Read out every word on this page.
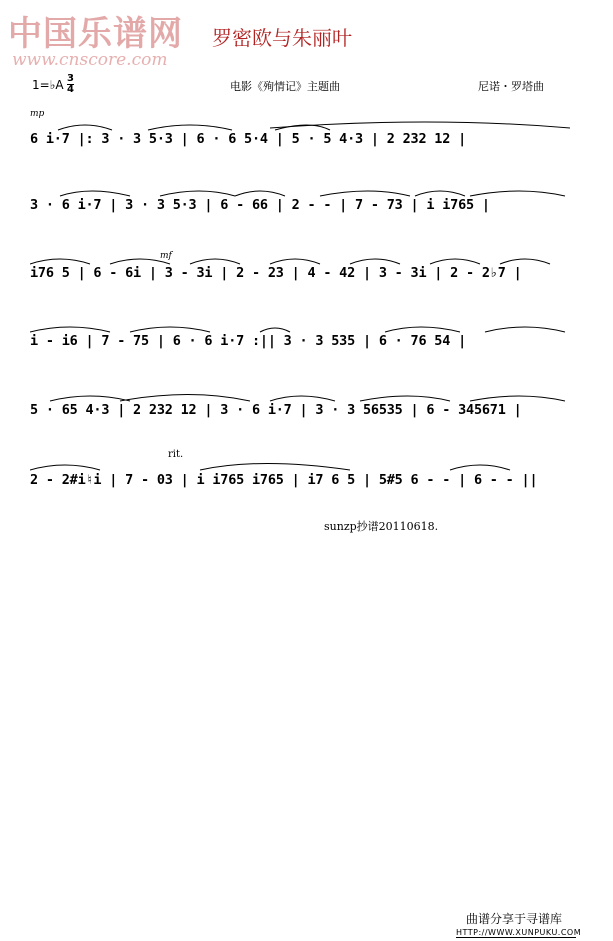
中国乐谱网
www.cnscore.com
罗密欧与朱丽叶
1=♭A 3
4	电影《殉情记》主题曲	尼诺・罗塔曲
mp
6 i·7 |: 3 · 3 5·3 | 6 · 6 5·4 | 5 · 5 4·3 | 2 232 12 |
3 · 6 i·7 | 3 · 3 5·3 | 6 - 66 | 2 - - | 7 - 73 | i i765 |
mf
i76 5 | 6 - 6i | 3 - 3i | 2 - 23 | 4 - 42 | 3 - 3i | 2 - 2♭7 |
i - i6 | 7 - 75 | 6 · 6 i·7 :|| 3 · 3 535 | 6 · 76 54 |
5 · 65 4·3 | 2 232 12 | 3 · 6 i·7 | 3 · 3 56535 | 6 - 345671 |
rit.
2 - 2#i♮i | 7 - 03 | i i765 i765 | i7 6 5 | 5#5 6 - - | 6 - - ||
sunzp抄谱20110618.
曲谱分享于寻谱库
HTTP://WWW.XUNPUKU.COM
